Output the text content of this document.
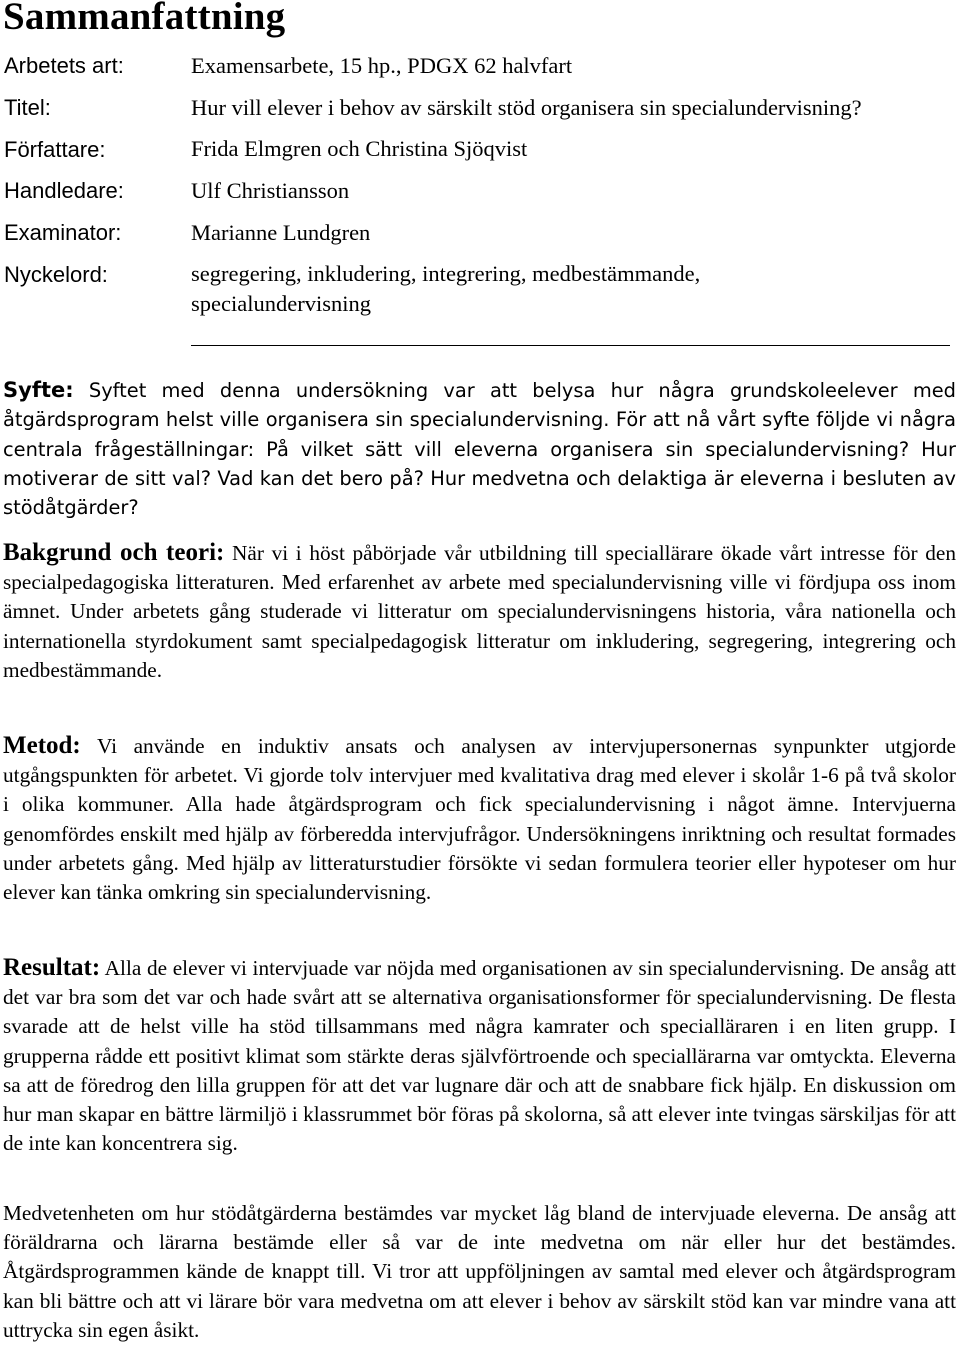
Sammanfattning
Arbetets art:	Examensarbete, 15 hp., PDGX 62 halvfart
Titel:	Hur vill elever i behov av särskilt stöd organisera sin specialundervisning?
Författare:	Frida Elmgren och Christina Sjöqvist
Handledare:	Ulf Christiansson
Examinator:	Marianne Lundgren
Nyckelord:	segregering, inkludering, integrering, medbestämmande, specialundervisning

Syfte: Syftet med denna undersökning var att belysa hur några grundskoleelever med åtgärdsprogram helst ville organisera sin specialundervisning. För att nå vårt syfte följde vi några centrala frågeställningar: På vilket sätt vill eleverna organisera sin specialundervisning? Hur motiverar de sitt val? Vad kan det bero på? Hur medvetna och delaktiga är eleverna i besluten av stödåtgärder?

Bakgrund och teori: När vi i höst påbörjade vår utbildning till speciallärare ökade vårt intresse för den specialpedagogiska litteraturen. Med erfarenhet av arbete med specialundervisning ville vi fördjupa oss inom ämnet. Under arbetets gång studerade vi litteratur om specialundervisningens historia, våra nationella och internationella styrdokument samt specialpedagogisk litteratur om inkludering, segregering, integrering och medbestämmande.

Metod: Vi använde en induktiv ansats och analysen av intervjupersonernas synpunkter utgjorde utgångspunkten för arbetet. Vi gjorde tolv intervjuer med kvalitativa drag med elever i skolår 1-6 på två skolor i olika kommuner. Alla hade åtgärdsprogram och fick specialundervisning i något ämne. Intervjuerna genomfördes enskilt med hjälp av förberedda intervjufrågor. Undersökningens inriktning och resultat formades under arbetets gång. Med hjälp av litteraturstudier försökte vi sedan formulera teorier eller hypoteser om hur elever kan tänka omkring sin specialundervisning.

Resultat: Alla de elever vi intervjuade var nöjda med organisationen av sin specialundervisning. De ansåg att det var bra som det var och hade svårt att se alternativa organisationsformer för specialundervisning. De flesta svarade att de helst ville ha stöd tillsammans med några kamrater och specialläraren i en liten grupp. I grupperna rådde ett positivt klimat som stärkte deras självförtroende och speciallärarna var omtyckta. Eleverna sa att de föredrog den lilla gruppen för att det var lugnare där och att de snabbare fick hjälp. En diskussion om hur man skapar en bättre lärmiljö i klassrummet bör föras på skolorna, så att elever inte tvingas särskiljas för att de inte kan koncentrera sig.

Medvetenheten om hur stödåtgärderna bestämdes var mycket låg bland de intervjuade eleverna. De ansåg att föräldrarna och lärarna bestämde eller så var de inte medvetna om när eller hur det bestämdes. Åtgärdsprogrammen kände de knappt till. Vi tror att uppföljningen av samtal med elever och åtgärdsprogram kan bli bättre och att vi lärare bör vara medvetna om att elever i behov av särskilt stöd kan var mindre vana att uttrycka sin egen åsikt.
